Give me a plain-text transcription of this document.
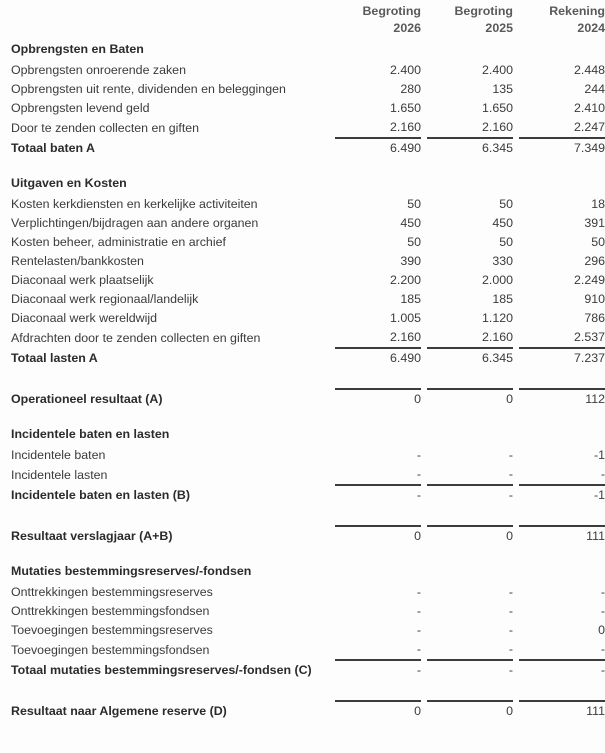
	Begroting		Begroting		Rekening	
	2026		2025		2024	
Opbrengsten en Baten						
Opbrengsten onroerende zaken	2.400		2.400		2.448	
Opbrengsten uit rente, dividenden en beleggingen	280		135		244	
Opbrengsten levend geld	1.650		1.650		2.410	
Door te zenden collecten en giften	2.160		2.160		2.247	
Totaal baten A	6.490		6.345		7.349	

Uitgaven en Kosten						
Kosten kerkdiensten en kerkelijke activiteiten	50		50		18	
Verplichtingen/bijdragen aan andere organen	450		450		391	
Kosten beheer, administratie en archief	50		50		50	
Rentelasten/bankkosten	390		330		296	
Diaconaal werk plaatselijk	2.200		2.000		2.249	
Diaconaal werk regionaal/landelijk	185		185		910	
Diaconaal werk wereldwijd	1.005		1.120		786	
Afdrachten door te zenden collecten en giften	2.160		2.160		2.537	
Totaal lasten A	6.490		6.345		7.237	

Operationeel resultaat (A)	0		0		112	

Incidentele baten en lasten						
Incidentele baten	-		-		-1	
Incidentele lasten	-		-		-	
Incidentele baten en lasten (B)	-		-		-1	

Resultaat verslagjaar (A+B)	0		0		111	

Mutaties bestemmingsreserves/-fondsen						
Onttrekkingen bestemmingsreserves	-		-		-	
Onttrekkingen bestemmingsfondsen	-		-		-	
Toevoegingen bestemmingsreserves	-		-		0	
Toevoegingen bestemmingsfondsen	-		-		-	
Totaal mutaties bestemmingsreserves/-fondsen (C)	-		-		-	

Resultaat naar Algemene reserve (D)	0		0		111	
